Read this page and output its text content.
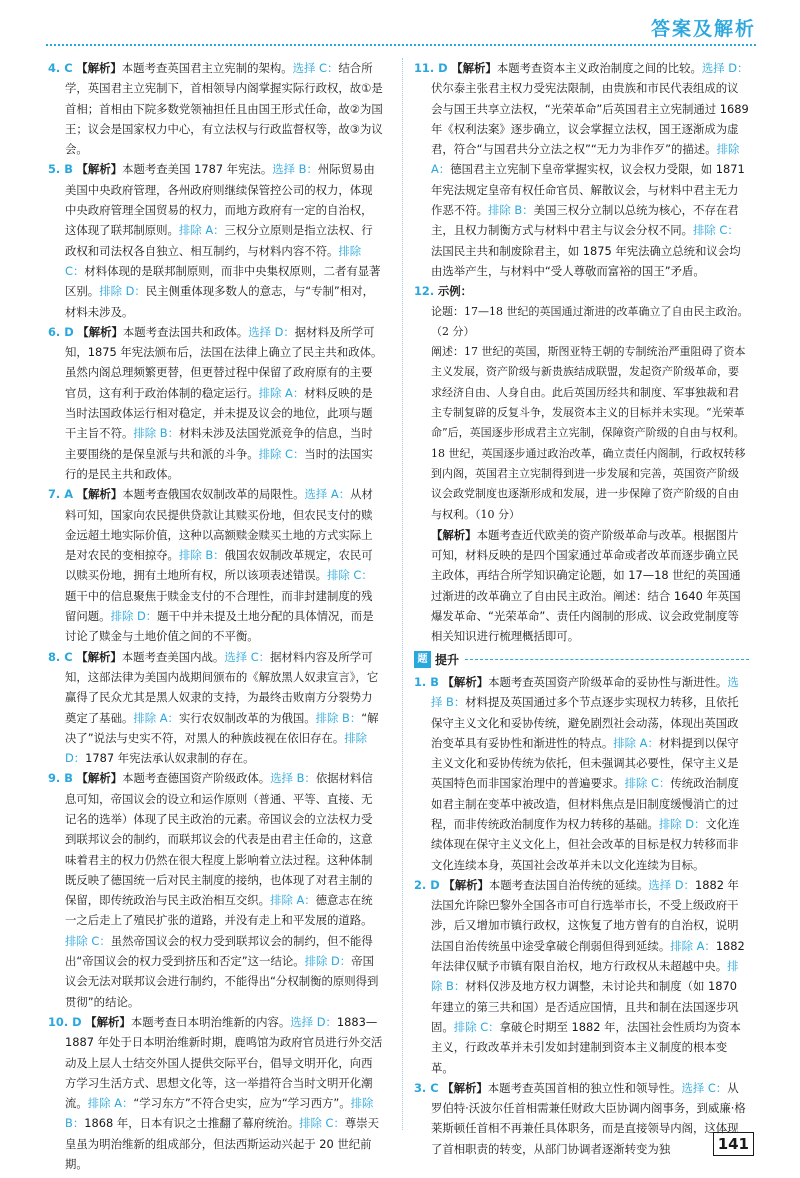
答案及解析

4. C 【解析】本题考查英国君主立宪制的架构。选择 C：结合所学，英国君主立宪制下，首相领导内阁掌握实际行政权，故①是首相；首相由下院多数党领袖担任且由国王形式任命，故②为国王；议会是国家权力中心，有立法权与行政监督权等，故③为议会。

5. B 【解析】本题考查美国 1787 年宪法。选择 B：州际贸易由美国中央政府管理，各州政府则继续保管控公司的权力，体现中央政府管理全国贸易的权力，而地方政府有一定的自治权，这体现了联邦制原则。排除 A：三权分立原则是指立法权、行政权和司法权各自独立、相互制约，与材料内容不符。排除 C：材料体现的是联邦制原则，而非中央集权原则，二者有显著区别。排除 D：民主侧重体现多数人的意志，与“专制”相对，材料未涉及。

6. D 【解析】本题考查法国共和政体。选择 D：据材料及所学可知，1875 年宪法颁布后，法国在法律上确立了民主共和政体。虽然内阁总理频繁更替，但更替过程中保留了政府原有的主要官员，这有利于政治体制的稳定运行。排除 A：材料反映的是当时法国政体运行相对稳定，并未提及议会的地位，此项与题干主旨不符。排除 B：材料未涉及法国党派竞争的信息，当时主要围绕的是保皇派与共和派的斗争。排除 C：当时的法国实行的是民主共和政体。

7. A 【解析】本题考查俄国农奴制改革的局限性。选择 A：从材料可知，国家向农民提供贷款让其赎买份地，但农民支付的赎金远超土地实际价值，这种以高额赎金赎买土地的方式实际上是对农民的变相掠夺。排除 B：俄国农奴制改革规定，农民可以赎买份地，拥有土地所有权，所以该项表述错误。排除 C：题干中的信息聚焦于赎金支付的不合理性，而非封建制度的残留问题。排除 D：题干中并未提及土地分配的具体情况，而是讨论了赎金与土地价值之间的不平衡。

8. C 【解析】本题考查美国内战。选择 C：据材料内容及所学可知，这部法律为美国内战期间颁布的《解放黑人奴隶宣言》，它赢得了民众尤其是黑人奴隶的支持，为最终击败南方分裂势力奠定了基础。排除 A：实行农奴制改革的为俄国。排除 B：“解决了”说法与史实不符，对黑人的种族歧视在依旧存在。排除 D：1787 年宪法承认奴隶制的存在。

9. B 【解析】本题考查德国资产阶级政体。选择 B：依据材料信息可知，帝国议会的设立和运作原则（普通、平等、直接、无记名的选举）体现了民主政治的元素。帝国议会的立法权力受到联邦议会的制约，而联邦议会的代表是由君主任命的，这意味着君主的权力仍然在很大程度上影响着立法过程。这种体制既反映了德国统一后对民主制度的接纳，也体现了对君主制的保留，即传统政治与民主政治相互交织。排除 A：德意志在统一之后走上了殖民扩张的道路，并没有走上和平发展的道路。排除 C：虽然帝国议会的权力受到联邦议会的制约，但不能得出“帝国议会的权力受到挤压和否定”这一结论。排除 D：帝国议会无法对联邦议会进行制约，不能得出“分权制衡的原则得到贯彻”的结论。

10. D 【解析】本题考查日本明治维新的内容。选择 D：1883—1887 年处于日本明治维新时期，鹿鸣馆为政府官员进行外交活动及上层人士结交外国人提供交际平台，倡导文明开化，向西方学习生活方式、思想文化等，这一举措符合当时文明开化潮流。排除 A：“学习东方”不符合史实，应为“学习西方”。排除 B：1868 年，日本有识之士推翻了幕府统治。排除 C：尊崇天皇虽为明治维新的组成部分，但法西斯运动兴起于 20 世纪前期。

11. D 【解析】本题考查资本主义政治制度之间的比较。选择 D：伏尔泰主张君主权力受宪法限制，由贵族和市民代表组成的议会与国王共享立法权，“光荣革命”后英国君主立宪制通过 1689 年《权利法案》逐步确立，议会掌握立法权，国王逐渐成为虚君，符合“与国君共分立法之权”“无力为非作歹”的描述。排除 A：德国君主立宪制下皇帝掌握实权，议会权力受限，如 1871 年宪法规定皇帝有权任命官员、解散议会，与材料中君主无力作恶不符。排除 B：美国三权分立制以总统为核心，不存在君主，且权力制衡方式与材料中君主与议会分权不同。排除 C：法国民主共和制废除君主，如 1875 年宪法确立总统和议会均由选举产生，与材料中“受人尊敬而富裕的国王”矛盾。

12. 示例：

论题：17—18 世纪的英国通过渐进的改革确立了自由民主政治。（2 分）

阐述：17 世纪的英国，斯图亚特王朝的专制统治严重阻碍了资本主义发展，资产阶级与新贵族结成联盟，发起资产阶级革命，要求经济自由、人身自由。此后英国历经共和制度、军事独裁和君主专制复辟的反复斗争，发展资本主义的目标并未实现。“光荣革命”后，英国逐步形成君主立宪制，保障资产阶级的自由与权利。18 世纪，英国逐步通过政治改革，确立责任内阁制，行政权转移到内阁，英国君主立宪制得到进一步发展和完善，英国资产阶级议会政党制度也逐渐形成和发展，进一步保障了资产阶级的自由与权利。（10 分）

【解析】本题考查近代欧美的资产阶级革命与改革。根据图片可知，材料反映的是四个国家通过革命或者改革而逐步确立民主政体，再结合所学知识确定论题，如 17—18 世纪的英国通过渐进的改革确立了自由民主政治。阐述：结合 1640 年英国爆发革命、“光荣革命”、责任内阁制的形成、议会政党制度等相关知识进行梳理概括即可。

题 提升

1. B 【解析】本题考查英国资产阶级革命的妥协性与渐进性。选择 B：材料提及英国通过多个节点逐步实现权力转移，且依托保守主义文化和妥协传统，避免剧烈社会动荡，体现出英国政治变革具有妥协性和渐进性的特点。排除 A：材料提到以保守主义文化和妥协传统为依托，但未强调其必要性，保守主义是英国特色而非国家治理中的普遍要求。排除 C：传统政治制度如君主制在变革中被改造，但材料焦点是旧制度缓慢消亡的过程，而非传统政治制度作为权力转移的基础。排除 D：文化连续体现在保守主义文化上，但社会改革的目标是权力转移而非文化连续本身，英国社会改革并未以文化连续为目标。

2. D 【解析】本题考查法国自治传统的延续。选择 D：1882 年法国允许除巴黎外全国各市可自行选举市长，不受上级政府干涉，后又增加市镇行政权，这恢复了地方曾有的自治权，说明法国自治传统虽中途受拿破仑削弱但得到延续。排除 A：1882 年法律仅赋予市镇有限自治权，地方行政权从未超越中央。排除 B：材料仅涉及地方权力调整，未讨论共和制度（如 1870 年建立的第三共和国）是否适应国情，且共和制在法国逐步巩固。排除 C：拿破仑时期至 1882 年，法国社会性质均为资本主义，行政改革并未引发如封建制到资本主义制度的根本变革。

3. C 【解析】本题考查英国首相的独立性和领导性。选择 C：从罗伯特·沃波尔任首相需兼任财政大臣协调内阁事务，到威廉·格莱斯顿任首相不再兼任具体职务，而是直接领导内阁，这体现了首相职责的转变，从部门协调者逐渐转变为独	141
